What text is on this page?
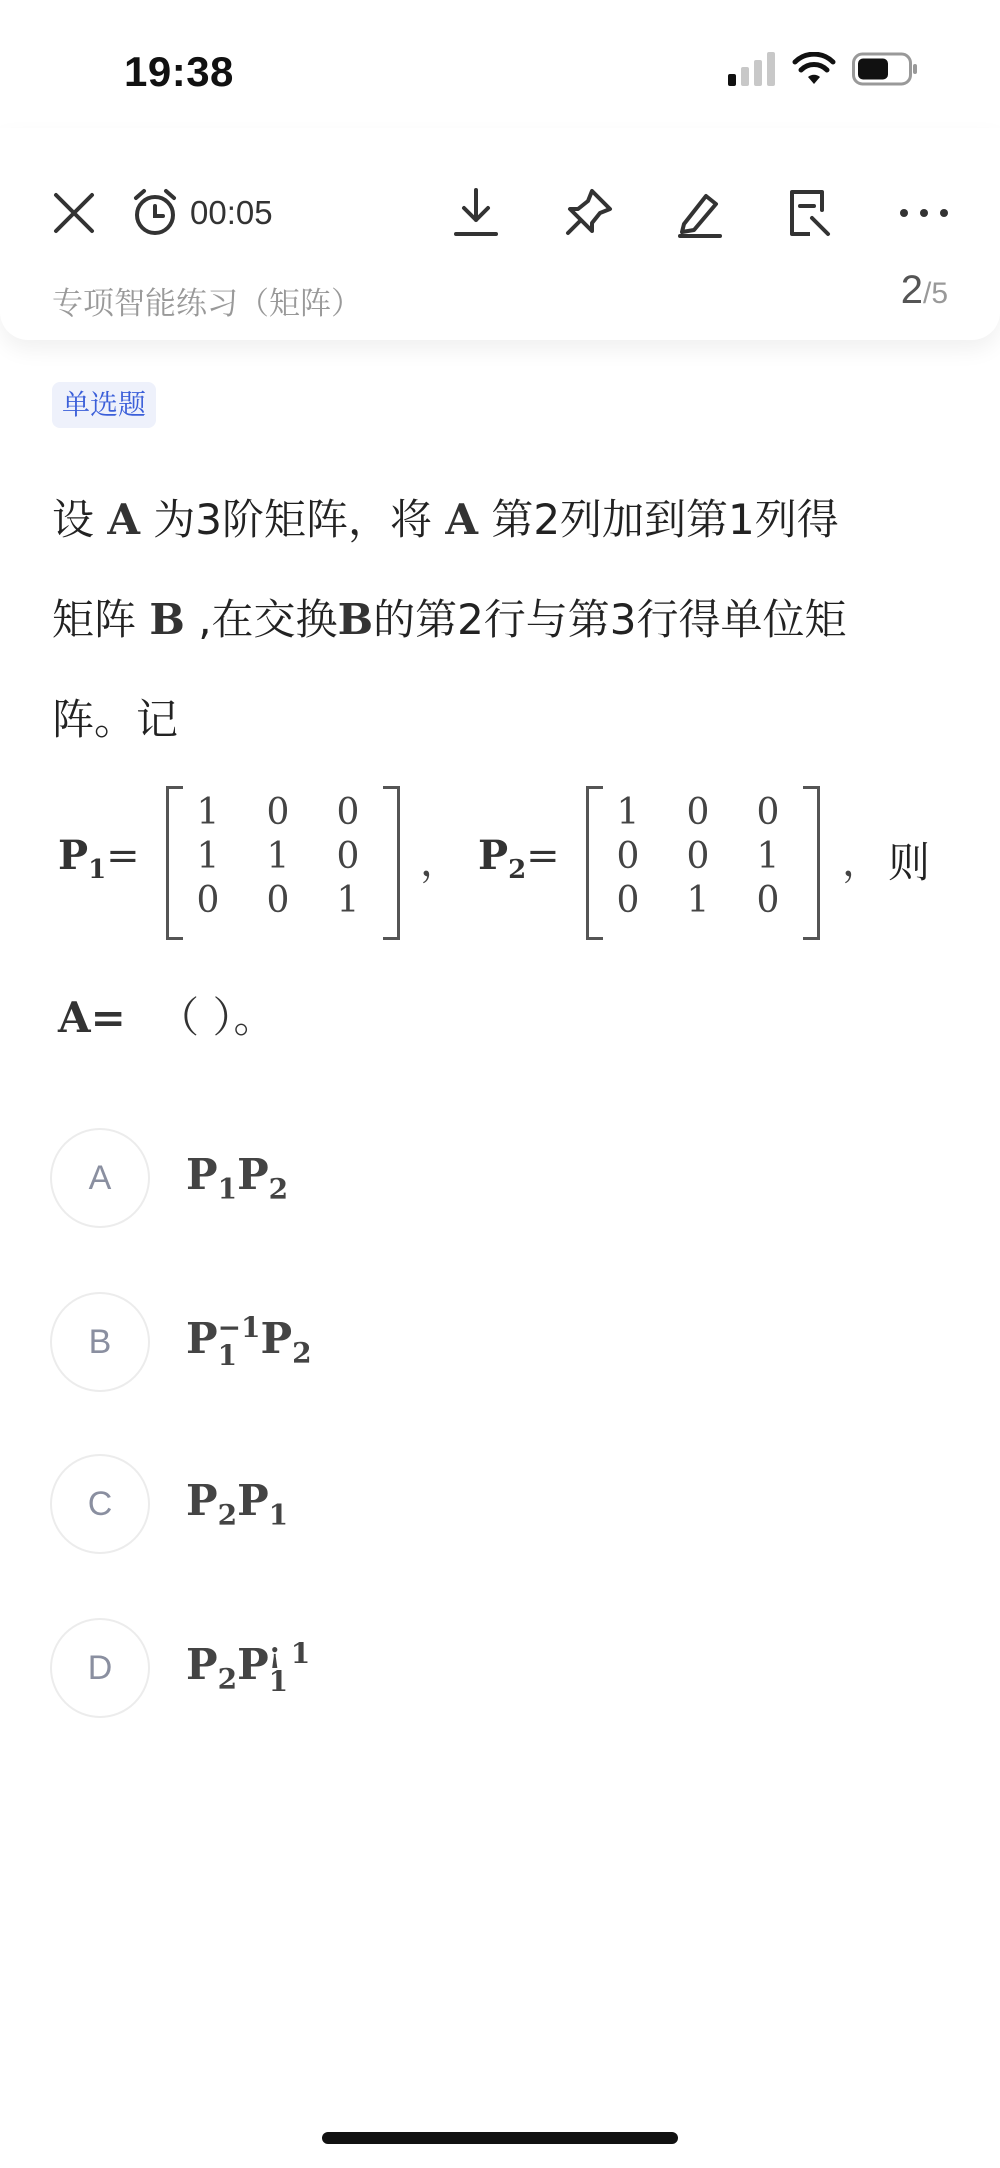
19:38
00:05
专项智能练习（矩阵）	2/5
单选题
设 A 为3阶矩阵，将 A 第2列加到第1列得
矩阵 B ,在交换B的第2行与第3行得单位矩
阵。记
$P_1=$
1	0	0
1	1	0
0	0	1
， $P_2=$
1	0	0
0	0	1
0	1	0
， 则
A= （ ）。
A	$P_1P_2$
B	P −1
1 $P_2$
C	$P_2P_1$
D	$P_2P$ ¡ 1
1
